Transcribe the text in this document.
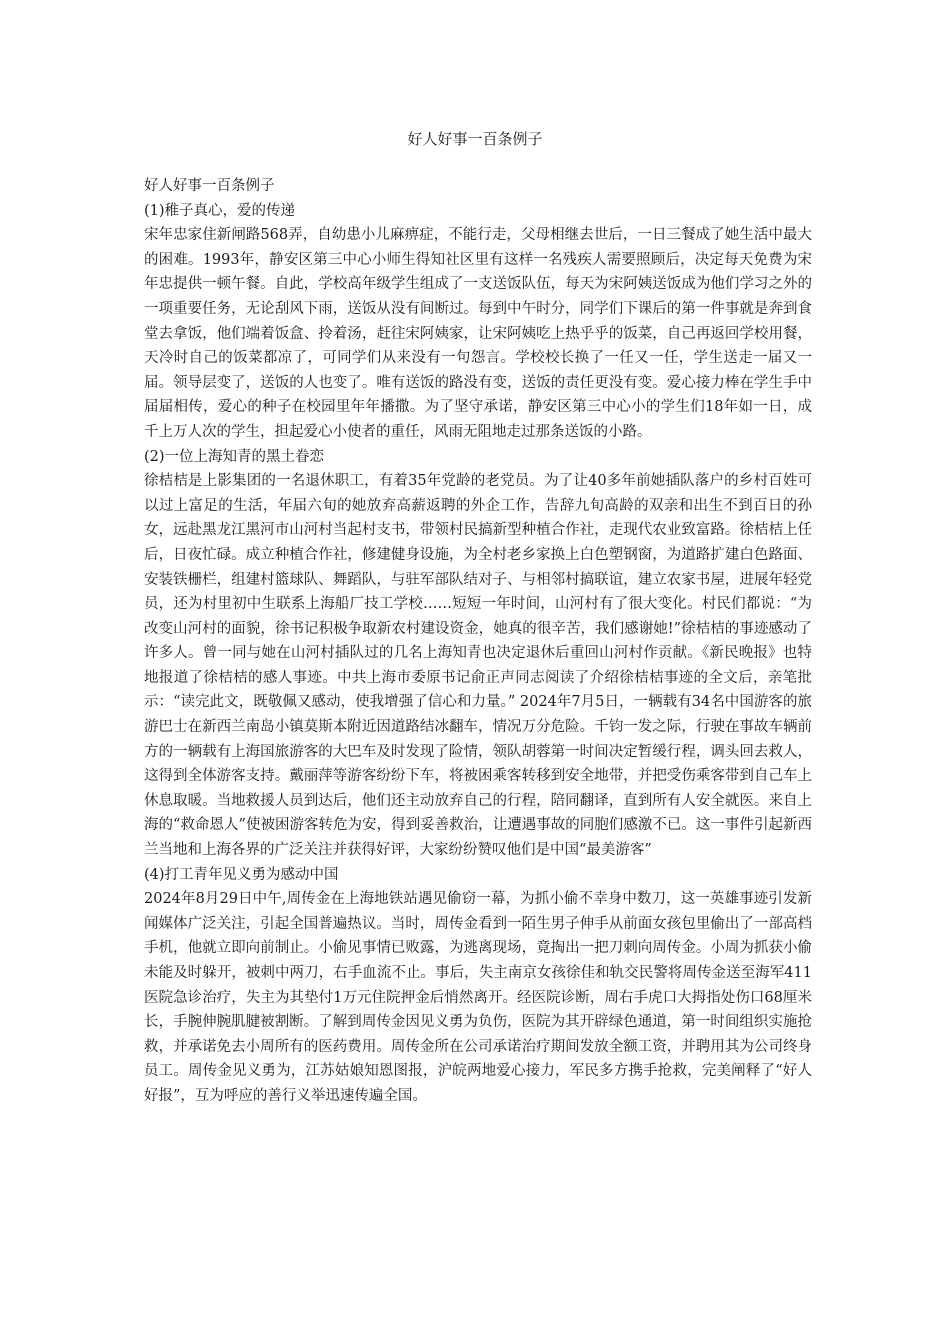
好人好事一百条例子

好人好事一百条例子

(1)稚子真心，爱的传递

宋年忠家住新闸路568弄，自幼患小儿麻痹症，不能行走，父母相继去世后，一日三餐成了她生活中最大的困难。1993年，静安区第三中心小师生得知社区里有这样一名残疾人需要照顾后，决定每天免费为宋年忠提供一顿午餐。自此，学校高年级学生组成了一支送饭队伍，每天为宋阿姨送饭成为他们学习之外的一项重要任务，无论刮风下雨，送饭从没有间断过。每到中午时分，同学们下课后的第一件事就是奔到食堂去拿饭，他们端着饭盒、拎着汤，赶往宋阿姨家，让宋阿姨吃上热乎乎的饭菜，自己再返回学校用餐，天冷时自己的饭菜都凉了，可同学们从来没有一句怨言。学校校长换了一任又一任，学生送走一届又一届。领导层变了，送饭的人也变了。唯有送饭的路没有变，送饭的责任更没有变。爱心接力棒在学生手中届届相传，爱心的种子在校园里年年播撒。为了坚守承诺，静安区第三中心小的学生们18年如一日，成千上万人次的学生，担起爱心小使者的重任，风雨无阻地走过那条送饭的小路。

(2)一位上海知青的黑土眷恋

徐桔桔是上影集团的一名退休职工，有着35年党龄的老党员。为了让40多年前她插队落户的乡村百姓可以过上富足的生活，年届六旬的她放弃高薪返聘的外企工作，告辞九旬高龄的双亲和出生不到百日的孙女，远赴黑龙江黑河市山河村当起村支书，带领村民搞新型种植合作社，走现代农业致富路。徐桔桔上任后，日夜忙碌。成立种植合作社，修建健身设施，为全村老乡家换上白色塑钢窗，为道路扩建白色路面、安装铁栅栏，组建村篮球队、舞蹈队，与驻军部队结对子、与相邻村搞联谊，建立农家书屋，进展年轻党员，还为村里初中生联系上海船厂技工学校……短短一年时间，山河村有了很大变化。村民们都说：“为改变山河村的面貌，徐书记积极争取新农村建设资金，她真的很辛苦，我们感谢她!”徐桔桔的事迹感动了许多人。曾一同与她在山河村插队过的几名上海知青也决定退休后重回山河村作贡献。《新民晚报》也特地报道了徐桔桔的感人事迹。中共上海市委原书记俞正声同志阅读了介绍徐桔桔事迹的全文后，亲笔批示：“读完此文，既敬佩又感动，使我增强了信心和力量。” 2024年7月5日，一辆载有34名中国游客的旅游巴士在新西兰南岛小镇莫斯本附近因道路结冰翻车，情况万分危险。千钧一发之际，行驶在事故车辆前方的一辆载有上海国旅游客的大巴车及时发现了险情，领队胡蓉第一时间决定暂缓行程，调头回去救人，这得到全体游客支持。戴丽萍等游客纷纷下车，将被困乘客转移到安全地带，并把受伤乘客带到自己车上休息取暖。当地救援人员到达后，他们还主动放弃自己的行程，陪同翻译，直到所有人安全就医。来自上海的“救命恩人”使被困游客转危为安，得到妥善救治，让遭遇事故的同胞们感激不已。这一事件引起新西兰当地和上海各界的广泛关注并获得好评，大家纷纷赞叹他们是中国“最美游客”

(4)打工青年见义勇为感动中国

2024年8月29日中午,周传金在上海地铁站遇见偷窃一幕，为抓小偷不幸身中数刀，这一英雄事迹引发新闻媒体广泛关注，引起全国普遍热议。当时，周传金看到一陌生男子伸手从前面女孩包里偷出了一部高档手机，他就立即向前制止。小偷见事情已败露，为逃离现场，竟掏出一把刀刺向周传金。小周为抓获小偷未能及时躲开，被刺中两刀，右手血流不止。事后，失主南京女孩徐佳和轨交民警将周传金送至海军411医院急诊治疗，失主为其垫付1万元住院押金后悄然离开。经医院诊断，周右手虎口大拇指处伤口68厘米长，手腕伸腕肌腱被割断。了解到周传金因见义勇为负伤，医院为其开辟绿色通道，第一时间组织实施抢救，并承诺免去小周所有的医药费用。周传金所在公司承诺治疗期间发放全额工资，并聘用其为公司终身员工。周传金见义勇为，江苏姑娘知恩图报，沪皖两地爱心接力，军民多方携手抢救，完美阐释了“好人好报”，互为呼应的善行义举迅速传遍全国。
